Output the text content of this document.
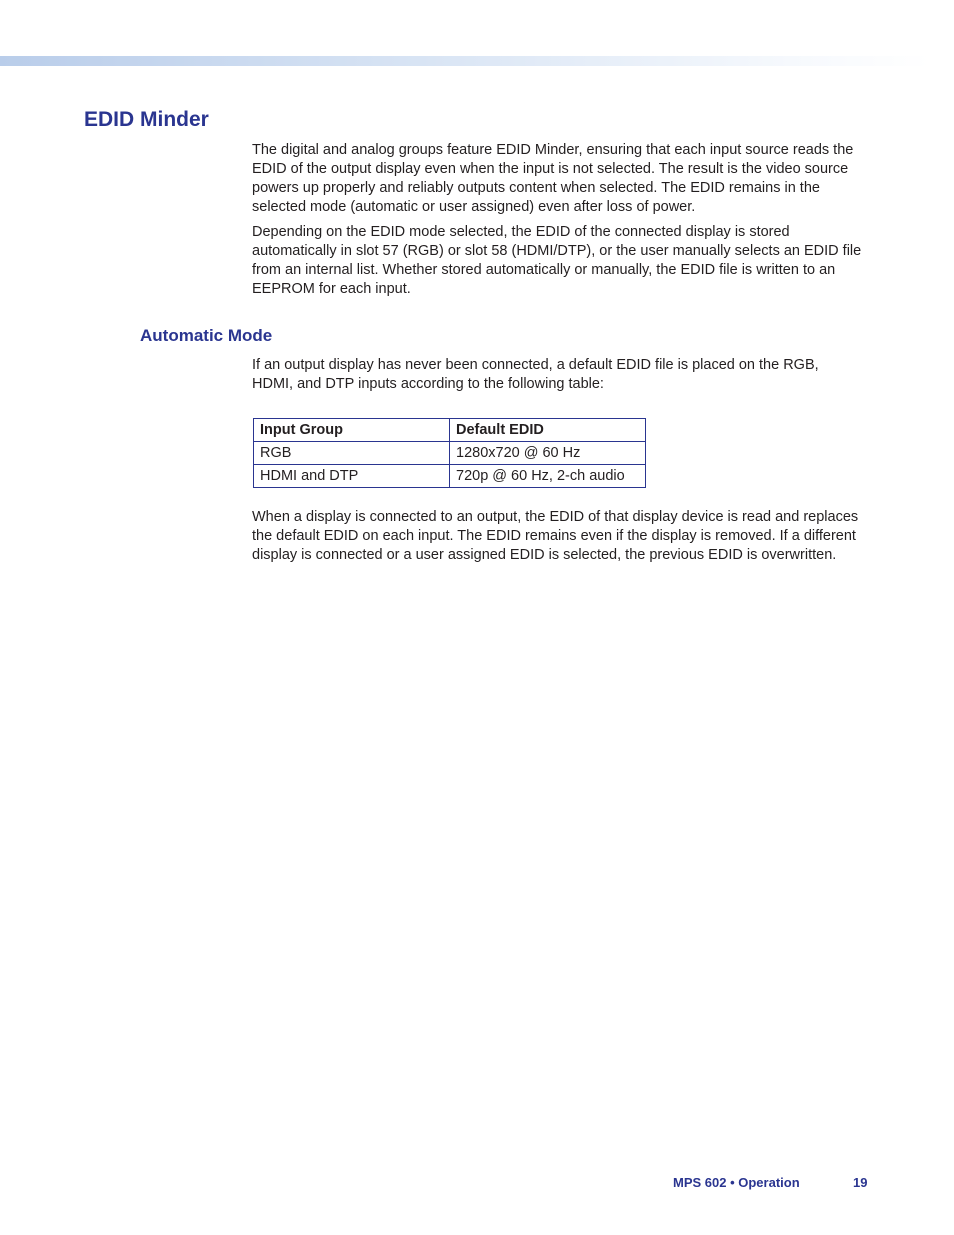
EDID Minder

The digital and analog groups feature EDID Minder, ensuring that each input source reads the EDID of the output display even when the input is not selected. The result is the video source powers up properly and reliably outputs content when selected. The EDID remains in the selected mode (automatic or user assigned) even after loss of power.

Depending on the EDID mode selected, the EDID of the connected display is stored automatically in slot 57 (RGB) or slot 58 (HDMI/DTP), or the user manually selects an EDID file from an internal list. Whether stored automatically or manually, the EDID file is written to an EEPROM for each input.

Automatic Mode

If an output display has never been connected, a default EDID file is placed on the RGB, HDMI, and DTP inputs according to the following table:

Input Group	Default EDID
RGB	1280x720 @ 60 Hz
HDMI and DTP	720p @ 60 Hz, 2-ch audio

When a display is connected to an output, the EDID of that display device is read and replaces the default EDID on each input. The EDID remains even if the display is removed. If a different display is connected or a user assigned EDID is selected, the previous EDID is overwritten.

MPS 602 • Operation	19
